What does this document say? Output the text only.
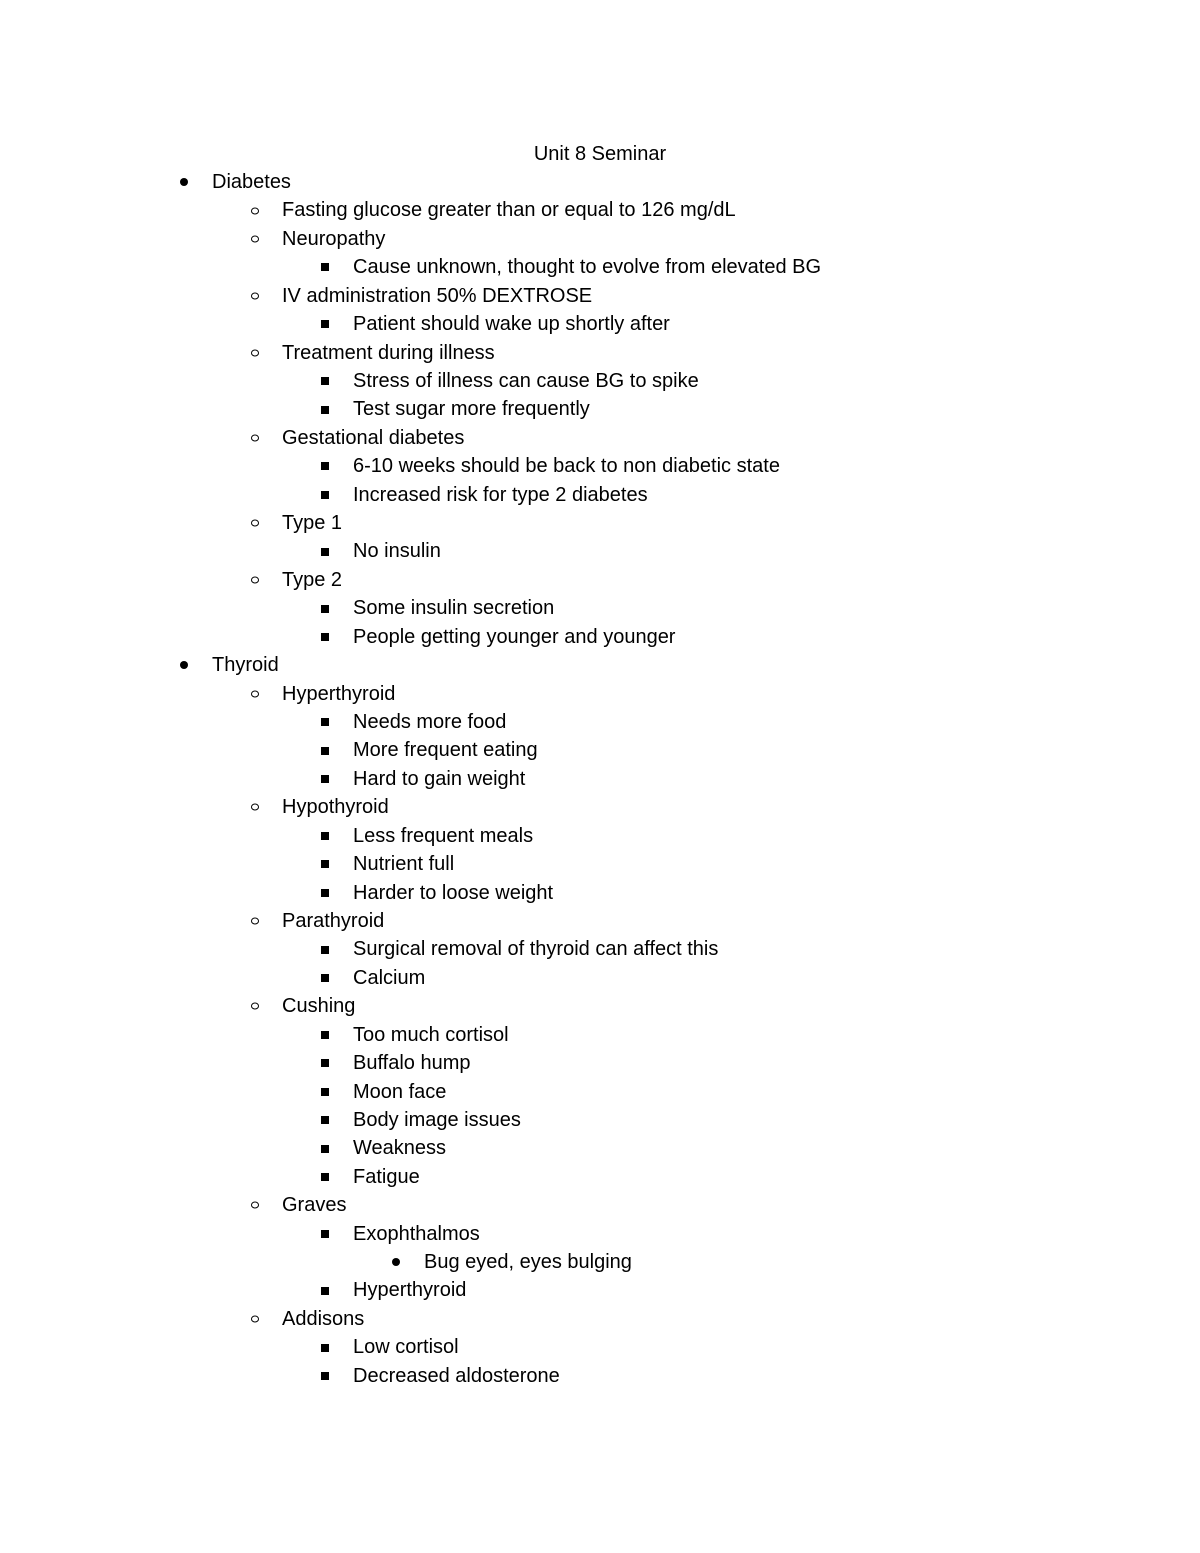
Unit 8 Seminar
Diabetes
Fasting glucose greater than or equal to 126 mg/dL
Neuropathy
Cause unknown, thought to evolve from elevated BG
IV administration 50% DEXTROSE
Patient should wake up shortly after
Treatment during illness
Stress of illness can cause BG to spike
Test sugar more frequently
Gestational diabetes
6-10 weeks should be back to non diabetic state
Increased risk for type 2 diabetes
Type 1
No insulin
Type 2
Some insulin secretion
People getting younger and younger
Thyroid
Hyperthyroid
Needs more food
More frequent eating
Hard to gain weight
Hypothyroid
Less frequent meals
Nutrient full
Harder to loose weight
Parathyroid
Surgical removal of thyroid can affect this
Calcium
Cushing
Too much cortisol
Buffalo hump
Moon face
Body image issues
Weakness
Fatigue
Graves
Exophthalmos
Bug eyed, eyes bulging
Hyperthyroid
Addisons
Low cortisol
Decreased aldosterone
